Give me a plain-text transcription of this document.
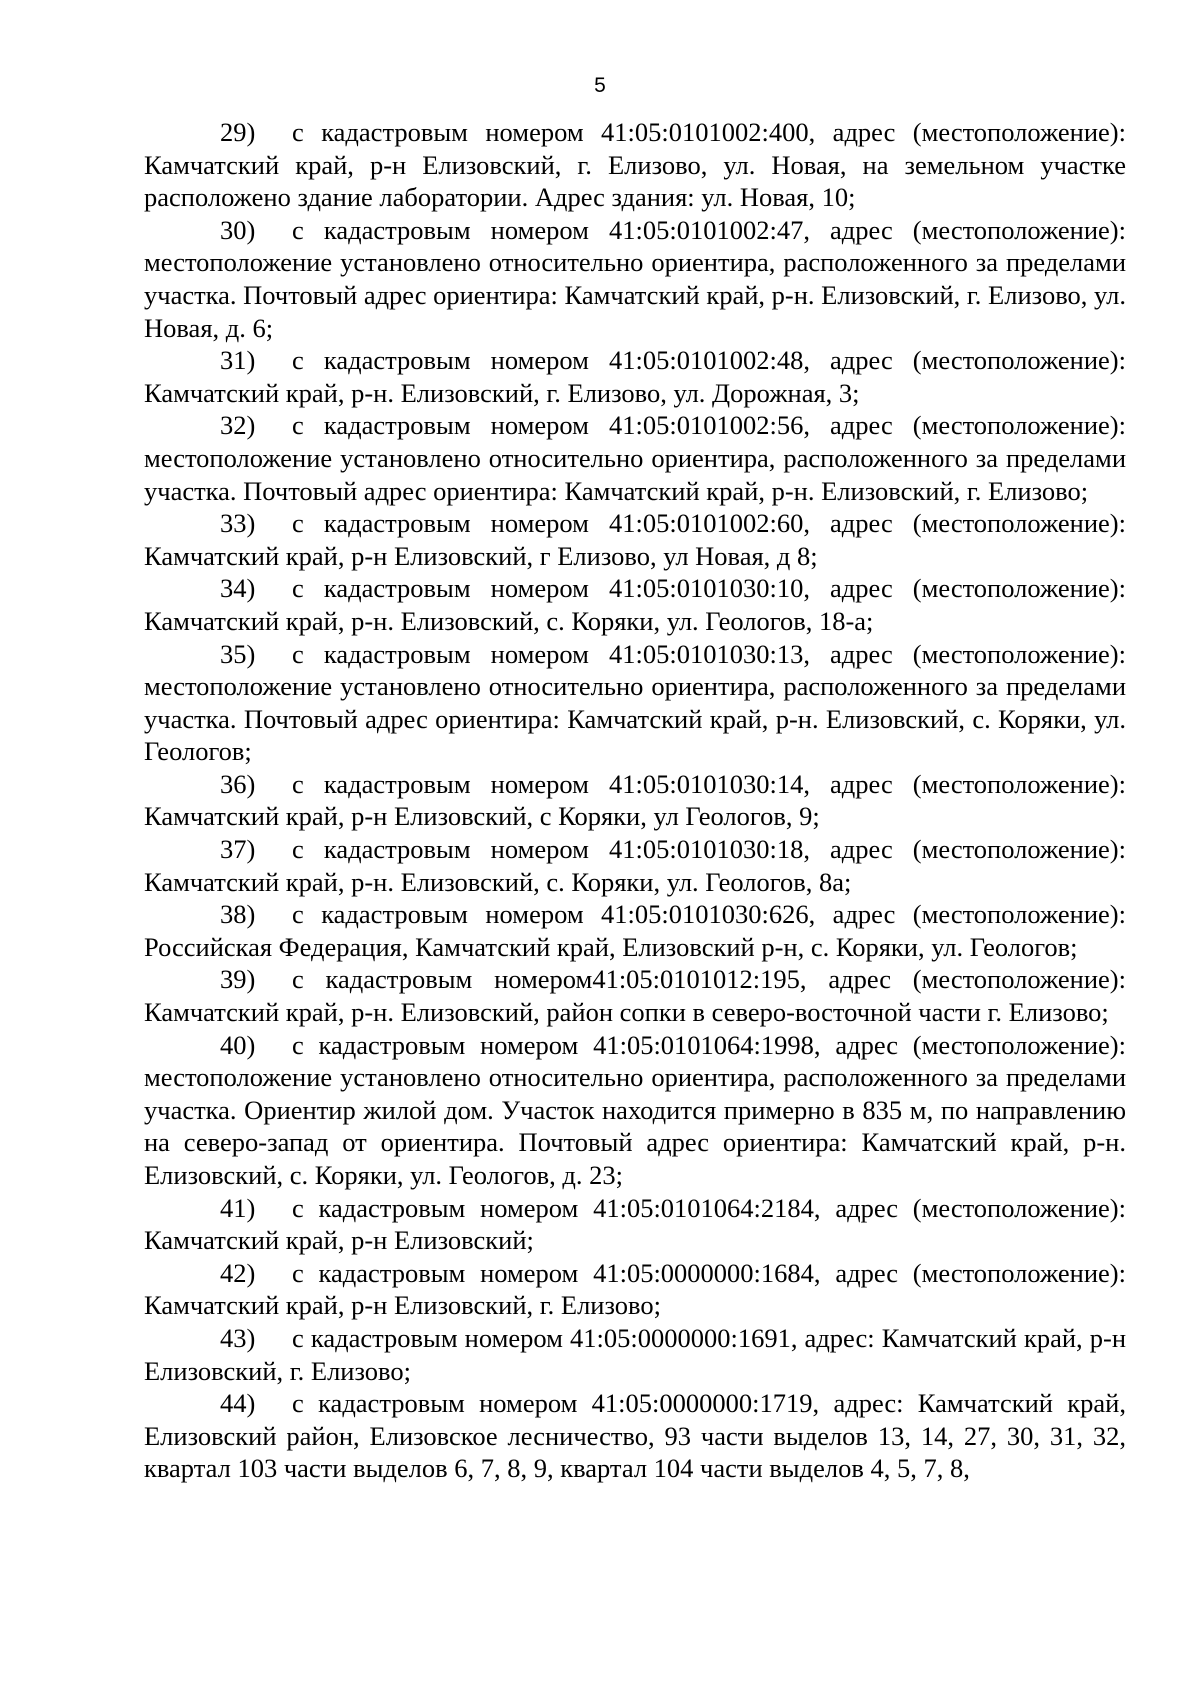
5

29) с кадастровым номером 41:05:0101002:400, адрес (местоположение): Камчатский край, р-н Елизовский, г. Елизово, ул. Новая, на земельном участке расположено здание лаборатории. Адрес здания: ул. Новая, 10;

30) с кадастровым номером 41:05:0101002:47, адрес (местоположение): местоположение установлено относительно ориентира, расположенного за пределами участка. Почтовый адрес ориентира: Камчатский край, р-н. Елизовский, г. Елизово, ул. Новая, д. 6;

31) с кадастровым номером 41:05:0101002:48, адрес (местоположение): Камчатский край, р-н. Елизовский, г. Елизово, ул. Дорожная, 3;

32) с кадастровым номером 41:05:0101002:56, адрес (местоположение): местоположение установлено относительно ориентира, расположенного за пределами участка. Почтовый адрес ориентира: Камчатский край, р-н. Елизовский, г. Елизово;

33) с кадастровым номером 41:05:0101002:60, адрес (местоположение): Камчатский край, р-н Елизовский, г Елизово, ул Новая, д 8;

34) с кадастровым номером 41:05:0101030:10, адрес (местоположение): Камчатский край, р-н. Елизовский, с. Коряки, ул. Геологов, 18-а;

35) с кадастровым номером 41:05:0101030:13, адрес (местоположение): местоположение установлено относительно ориентира, расположенного за пределами участка. Почтовый адрес ориентира: Камчатский край, р-н. Елизовский, с. Коряки, ул. Геологов;

36) с кадастровым номером 41:05:0101030:14, адрес (местоположение): Камчатский край, р-н Елизовский, с Коряки, ул Геологов, 9;

37) с кадастровым номером 41:05:0101030:18, адрес (местоположение): Камчатский край, р-н. Елизовский, с. Коряки, ул. Геологов, 8а;

38) с кадастровым номером 41:05:0101030:626, адрес (местоположение): Российская Федерация, Камчатский край, Елизовский р-н, с. Коряки, ул. Геологов;

39) с кадастровым номером41:05:0101012:195, адрес (местоположение): Камчатский край, р-н. Елизовский, район сопки в северо-восточной части г. Елизово;

40) с кадастровым номером 41:05:0101064:1998, адрес (местоположение): местоположение установлено относительно ориентира, расположенного за пределами участка. Ориентир жилой дом. Участок находится примерно в 835 м, по направлению на северо-запад от ориентира. Почтовый адрес ориентира: Камчатский край, р-н. Елизовский, с. Коряки, ул. Геологов, д. 23;

41) с кадастровым номером 41:05:0101064:2184, адрес (местоположение): Камчатский край, р-н Елизовский;

42) с кадастровым номером 41:05:0000000:1684, адрес (местоположение): Камчатский край, р-н Елизовский, г. Елизово;

43) с кадастровым номером 41:05:0000000:1691, адрес: Камчатский край, р-н Елизовский, г. Елизово;

44) с кадастровым номером 41:05:0000000:1719, адрес: Камчатский край, Елизовский район, Елизовское лесничество, 93 части выделов 13, 14, 27, 30, 31, 32, квартал 103 части выделов 6, 7, 8, 9, квартал 104 части выделов 4, 5, 7, 8,
